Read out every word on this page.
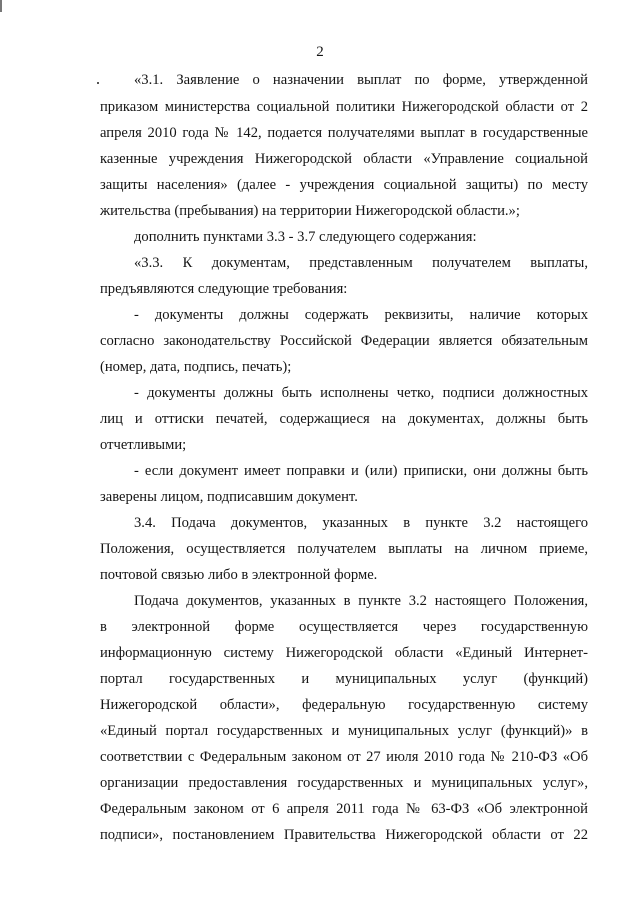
2
«3.1. Заявление о назначении выплат по форме, утвержденной
приказом министерства социальной политики Нижегородской области от 2
апреля 2010 года № 142, подается получателями выплат в государственные
казенные учреждения Нижегородской области «Управление социальной
защиты населения» (далее - учреждения социальной защиты) по месту
жительства (пребывания) на территории Нижегородской области.»;
дополнить пунктами 3.3 - 3.7 следующего содержания:
«3.3. К документам, представленным получателем выплаты,
предъявляются следующие требования:
- документы должны содержать реквизиты, наличие которых
согласно законодательству Российской Федерации является обязательным
(номер, дата, подпись, печать);
- документы должны быть исполнены четко, подписи должностных
лиц и оттиски печатей, содержащиеся на документах, должны быть
отчетливыми;
- если документ имеет поправки и (или) приписки, они должны быть
заверены лицом, подписавшим документ.
3.4. Подача документов, указанных в пункте 3.2 настоящего
Положения, осуществляется получателем выплаты на личном приеме,
почтовой связью либо в электронной форме.
Подача документов, указанных в пункте 3.2 настоящего Положения,
в электронной форме осуществляется через государственную
информационную систему Нижегородской области «Единый Интернет-
портал государственных и муниципальных услуг (функций)
Нижегородской области», федеральную государственную систему
«Единый портал государственных и муниципальных услуг (функций)» в
соответствии с Федеральным законом от 27 июля 2010 года № 210-ФЗ «Об
организации предоставления государственных и муниципальных услуг»,
Федеральным законом от 6 апреля 2011 года № 63-ФЗ «Об электронной
подписи», постановлением Правительства Нижегородской области от 22
